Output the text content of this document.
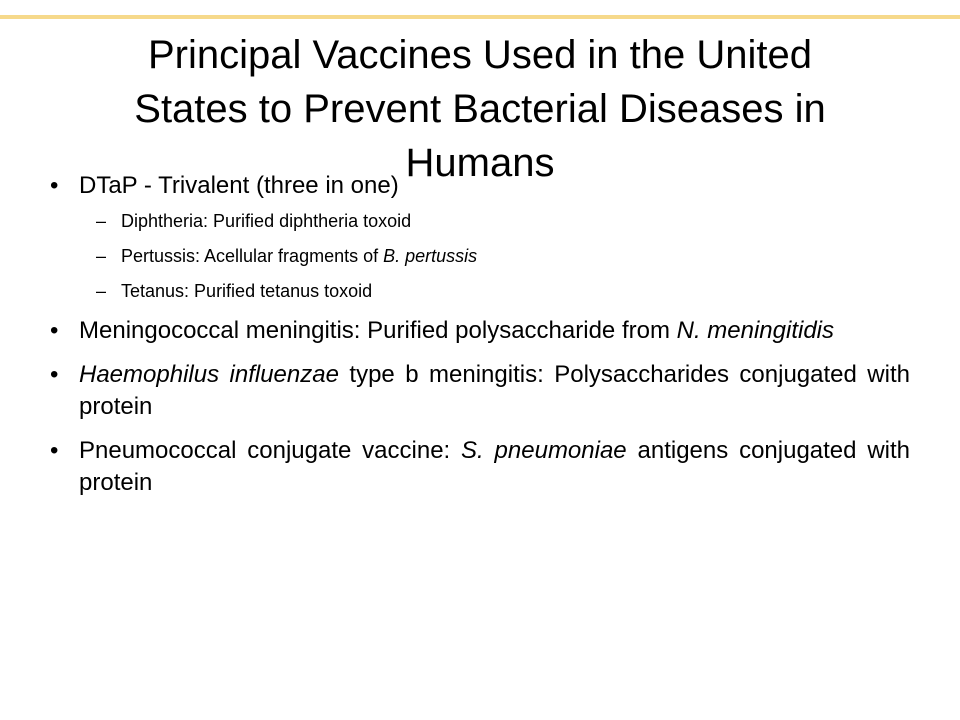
Principal Vaccines Used in the United
States to Prevent Bacterial Diseases in
Humans
• DTaP - Trivalent (three in one)
– Diphtheria: Purified diphtheria toxoid
– Pertussis: Acellular fragments of B. pertussis
– Tetanus: Purified tetanus toxoid
• Meningococcal meningitis: Purified polysaccharide from N. meningitidis
• Haemophilus influenzae type b meningitis: Polysaccharides conjugated with protein
• Pneumococcal conjugate vaccine: S. pneumoniae antigens conjugated with protein
